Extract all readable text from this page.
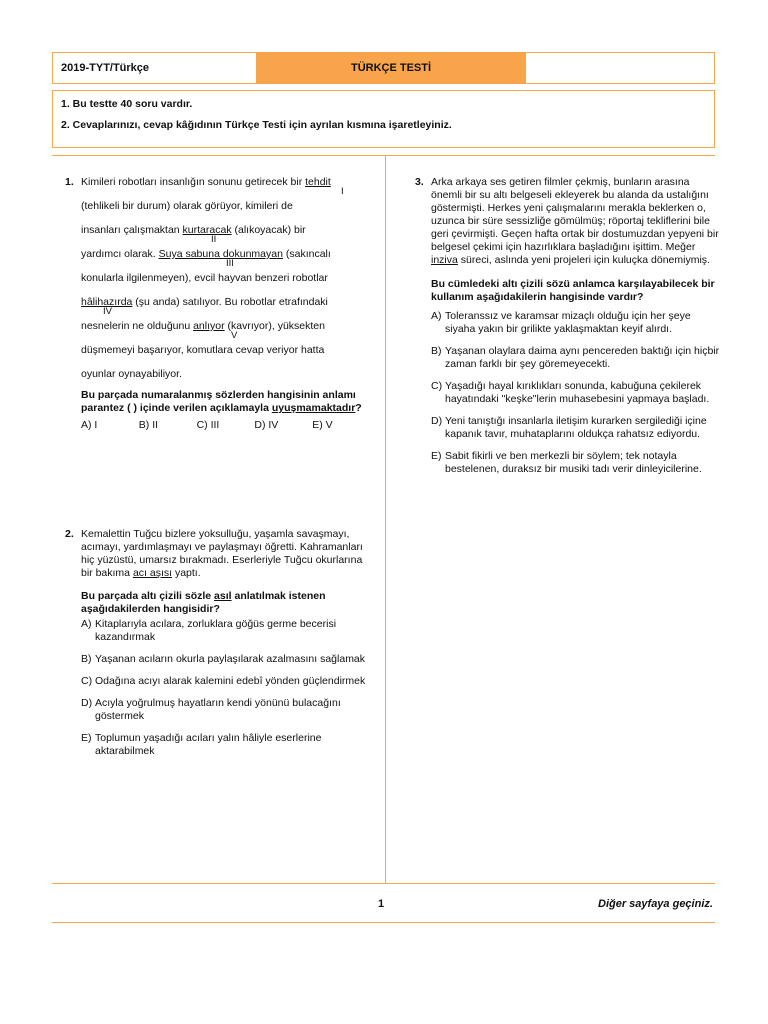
2019-TYT/Türkçe	TÜRKÇE TESTİ

1. Bu testte 40 soru vardır.

2. Cevaplarınızı, cevap kâğıdının Türkçe Testi için ayrılan kısmına işaretleyiniz.

1. Kimileri robotları insanlığın sonunu getirecek bir tehdit
I
(tehlikeli bir durum) olarak görüyor, kimileri de
insanları çalışmaktan kurtaracak (alıkoyacak) bir
II
yardımcı olarak. Suya sabuna dokunmayan (sakıncalı
III
konularla ilgilenmeyen), evcil hayvan benzeri robotlar
hâlihazırda (şu anda) satılıyor. Bu robotlar etrafındaki
IV
nesnelerin ne olduğunu anlıyor (kavrıyor), yüksekten
V
düşmemeyi başarıyor, komutlara cevap veriyor hatta
oyunlar oynayabiliyor.
Bu parçada numaralanmış sözlerden hangisinin anlamı parantez ( ) içinde verilen açıklamayla uyuşmamaktadır?
A) I	B) II	C) III	D) IV	E) V
2. Kemalettin Tuğcu bizlere yoksulluğu, yaşamla savaşmayı, acımayı, yardımlaşmayı ve paylaşmayı öğretti. Kahramanları hiç yüzüstü, umarsız bırakmadı. Eserleriyle Tuğcu okurlarına bir bakıma acı aşısı yaptı.
Bu parçada altı çizili sözle asıl anlatılmak istenen aşağıdakilerden hangisidir?
A) Kitaplarıyla acılara, zorluklara göğüs germe becerisi kazandırmak
B) Yaşanan acıların okurla paylaşılarak azalmasını sağlamak
C) Odağına acıyı alarak kalemini edebî yönden güçlendirmek
D) Acıyla yoğrulmuş hayatların kendi yönünü bulacağını göstermek
E) Toplumun yaşadığı acıları yalın hâliyle eserlerine aktarabilmek
3. Arka arkaya ses getiren filmler çekmiş, bunların arasına önemli bir su altı belgeseli ekleyerek bu alanda da ustalığını göstermişti. Herkes yeni çalışmalarını merakla beklerken o, uzunca bir süre sessizliğe gömülmüş; röportaj tekliflerini bile geri çevirmişti. Geçen hafta ortak bir dostumuzdan yepyeni bir belgesel çekimi için hazırlıklara başladığını işittim. Meğer inziva süreci, aslında yeni projeleri için kuluçka dönemiymiş.
Bu cümledeki altı çizili sözü anlamca karşılayabilecek bir kullanım aşağıdakilerin hangisinde vardır?
A) Toleranssız ve karamsar mizaçlı olduğu için her şeye siyaha yakın bir grilikte yaklaşmaktan keyif alırdı.
B) Yaşanan olaylara daima aynı pencereden baktığı için hiçbir zaman farklı bir şey göremeyecekti.
C) Yaşadığı hayal kırıklıkları sonunda, kabuğuna çekilerek hayatındaki "keşke"lerin muhasebesini yapmaya başladı.
D) Yeni tanıştığı insanlarla iletişim kurarken sergilediği içine kapanık tavır, muhataplarını oldukça rahatsız ediyordu.
E) Sabit fikirli ve ben merkezli bir söylem; tek notayla bestelenen, duraksız bir musiki tadı verir dinleyicilerine.
1	Diğer sayfaya geçiniz.
